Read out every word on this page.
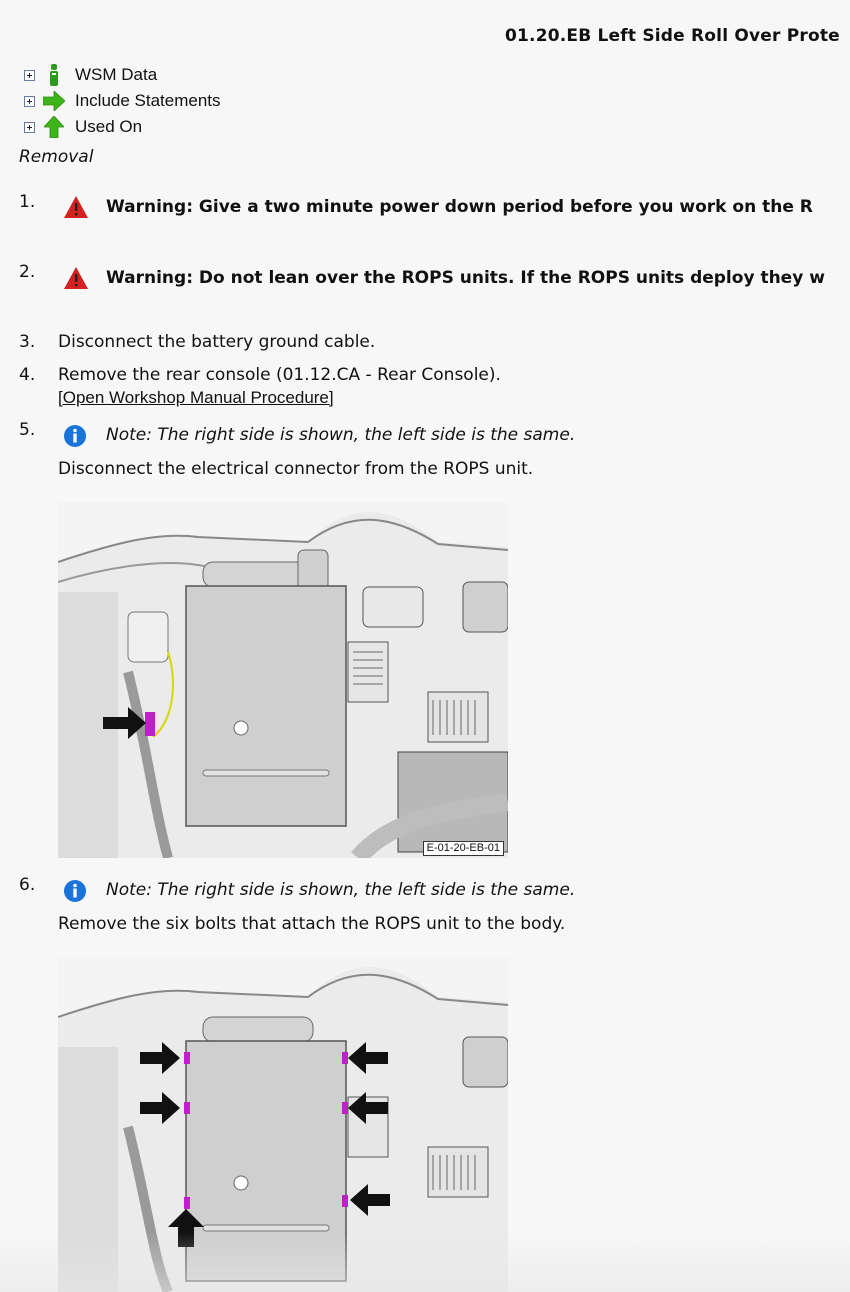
01.20.EB Left Side Roll Over Prote
WSM Data
Include Statements
Used On
Removal
1.	Warning: Give a two minute power down period before you work on the R
2.	Warning: Do not lean over the ROPS units. If the ROPS units deploy they w
3. Disconnect the battery ground cable.
4. Remove the rear console (01.12.CA - Rear Console).
[Open Workshop Manual Procedure]
5.	Note: The right side is shown, the left side is the same.
Disconnect the electrical connector from the ROPS unit.
E-01-20-EB-01
6.	Note: The right side is shown, the left side is the same.
Remove the six bolts that attach the ROPS unit to the body.
